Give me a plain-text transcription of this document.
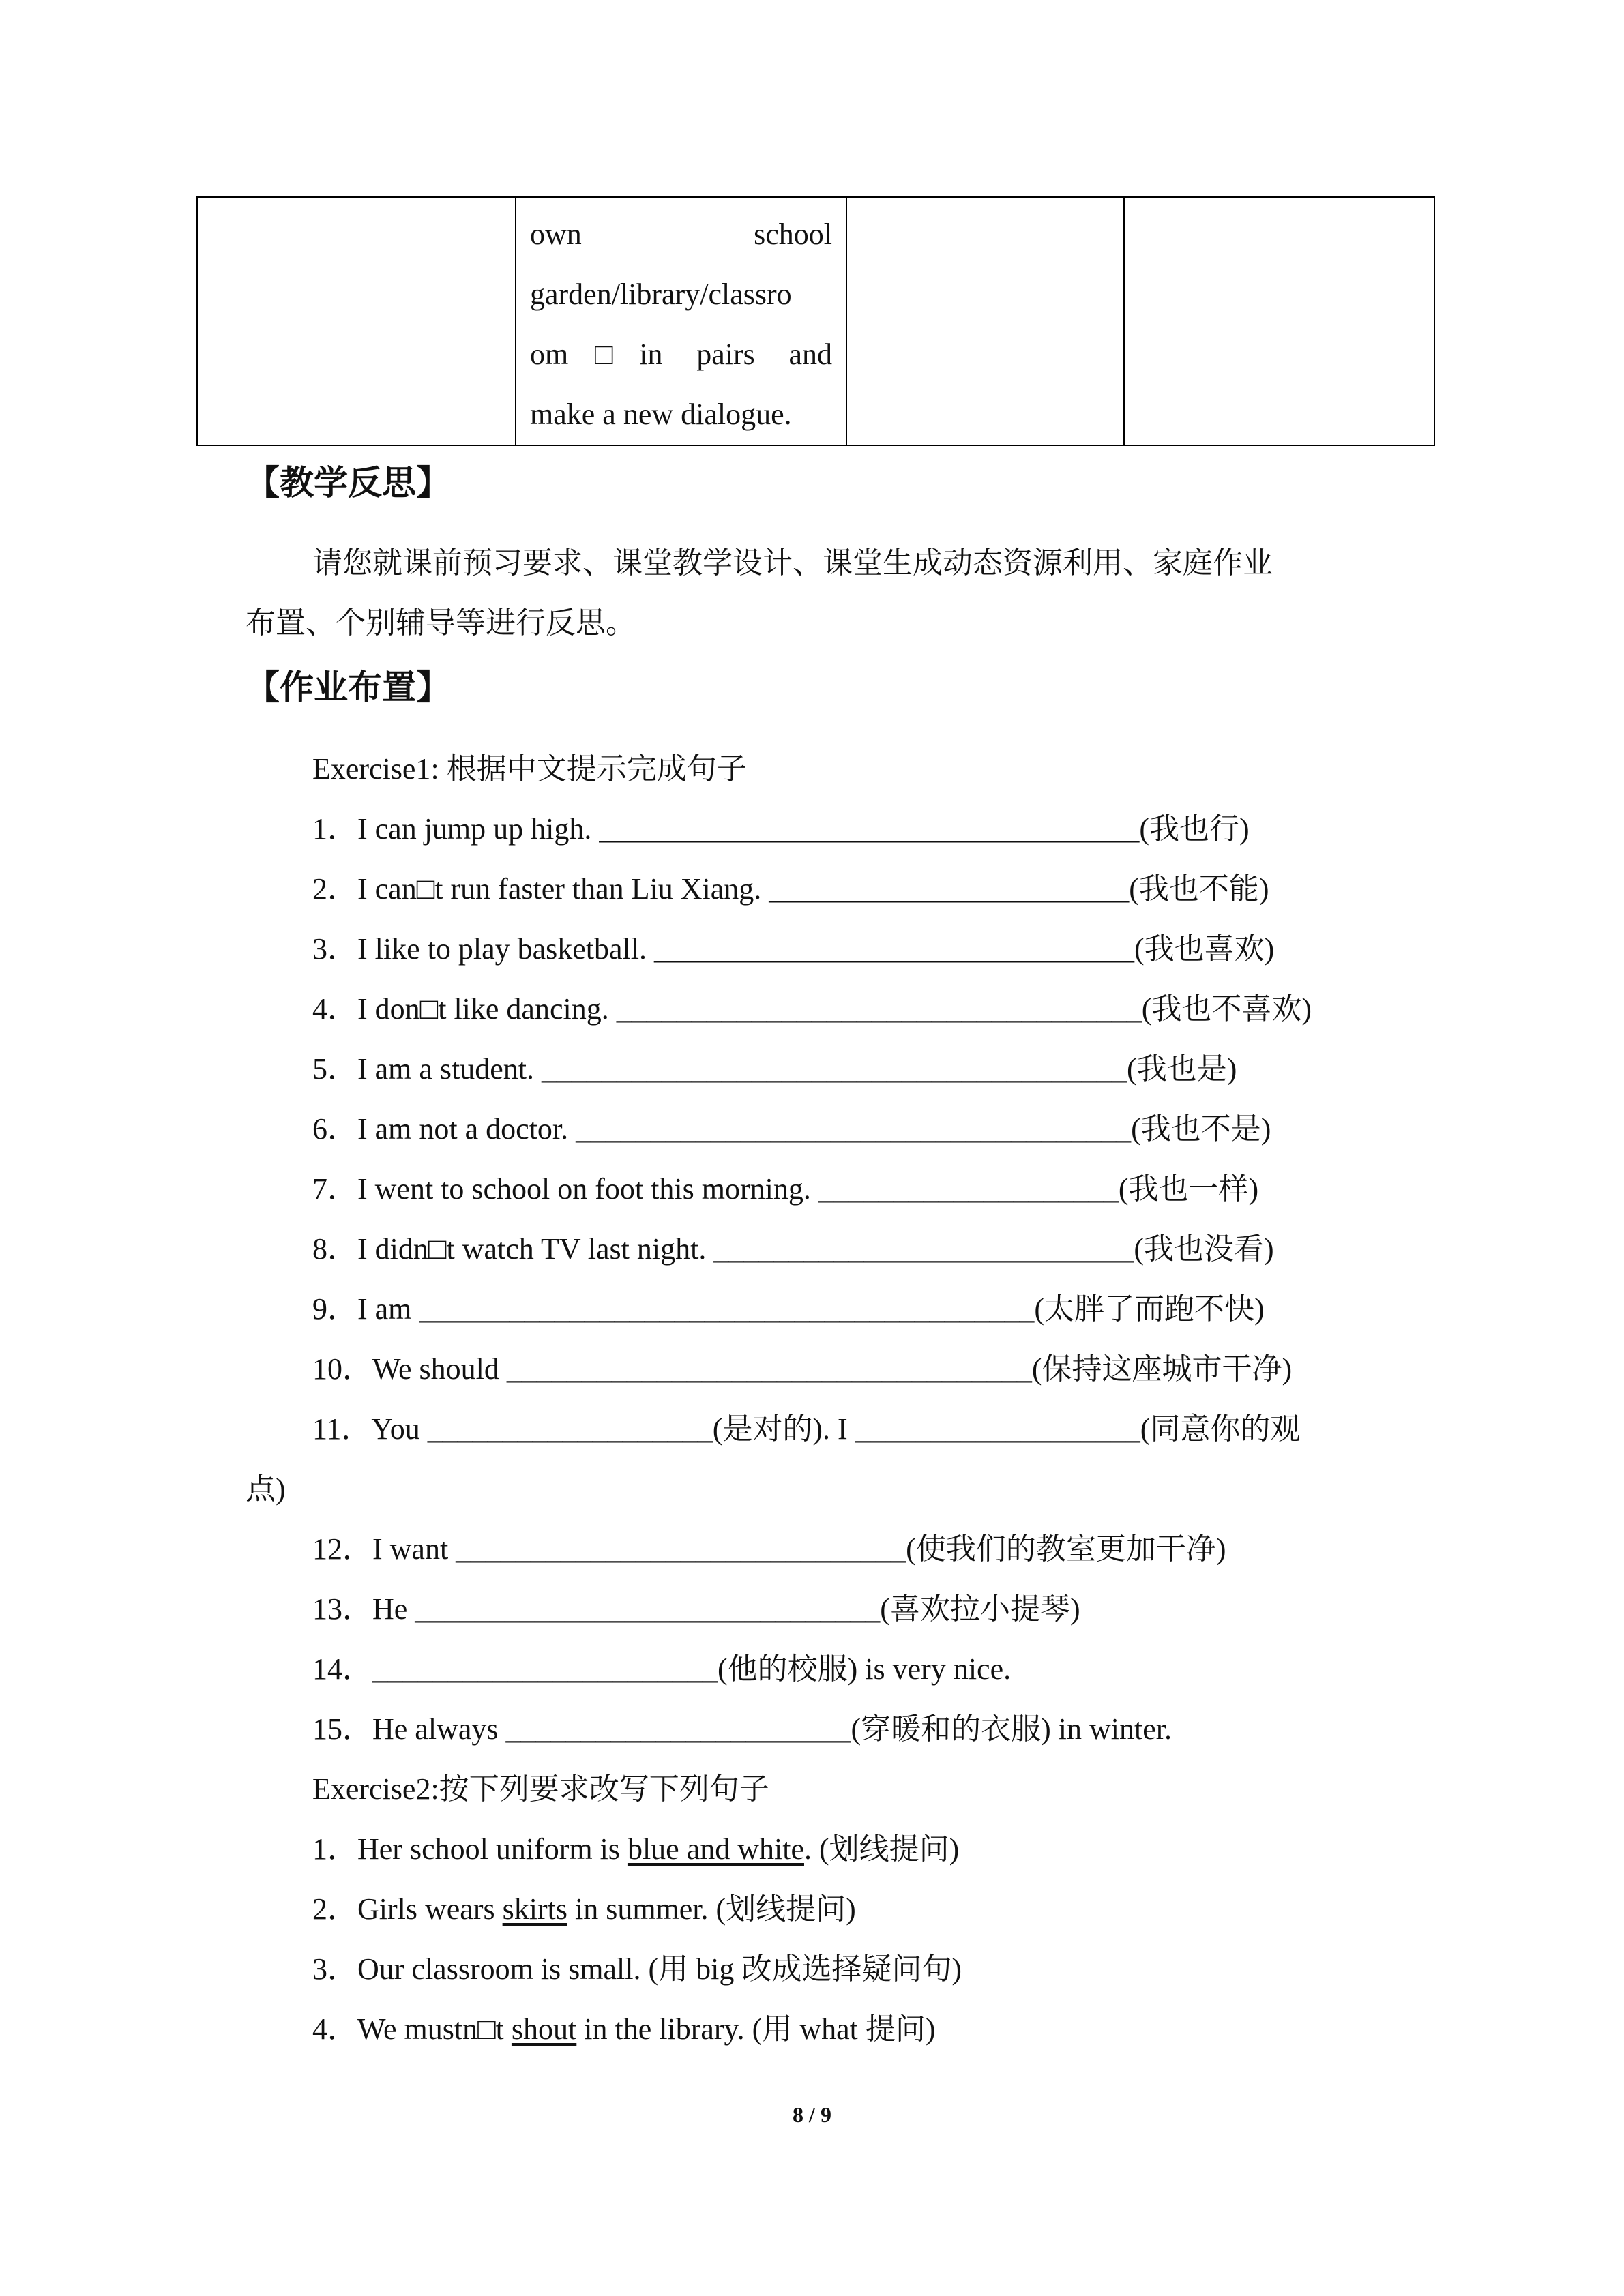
own school
garden/library/classro
om□in pairs and
make a new dialogue.

【教学反思】
请您就课前预习要求、课堂教学设计、课堂生成动态资源利用、家庭作业
布置、个别辅导等进行反思。
【作业布置】
Exercise1: 根据中文提示完成句子
1．I can jump up high. ____________________________________(我也行)
2．I can□t run faster than Liu Xiang. ________________________(我也不能)
3．I like to play basketball. ________________________________(我也喜欢)
4．I don□t like dancing. ___________________________________(我也不喜欢)
5．I am a student. _______________________________________(我也是)
6．I am not a doctor. _____________________________________(我也不是)
7．I went to school on foot this morning. ____________________(我也一样)
8．I didn□t watch TV last night. ____________________________(我也没看)
9．I am _________________________________________(太胖了而跑不快)
10．We should ___________________________________(保持这座城市干净)
11．You ___________________(是对的). I ___________________(同意你的观
点)
12．I want ______________________________(使我们的教室更加干净)
13．He _______________________________(喜欢拉小提琴)
14．_______________________(他的校服) is very nice.
15．He always _______________________(穿暖和的衣服) in winter.
Exercise2:按下列要求改写下列句子
1．Her school uniform is blue and white. (划线提问)
2．Girls wears skirts in summer. (划线提问)
3．Our classroom is small. (用 big 改成选择疑问句)
4．We mustn□t shout in the library. (用 what 提问)
8 / 9
